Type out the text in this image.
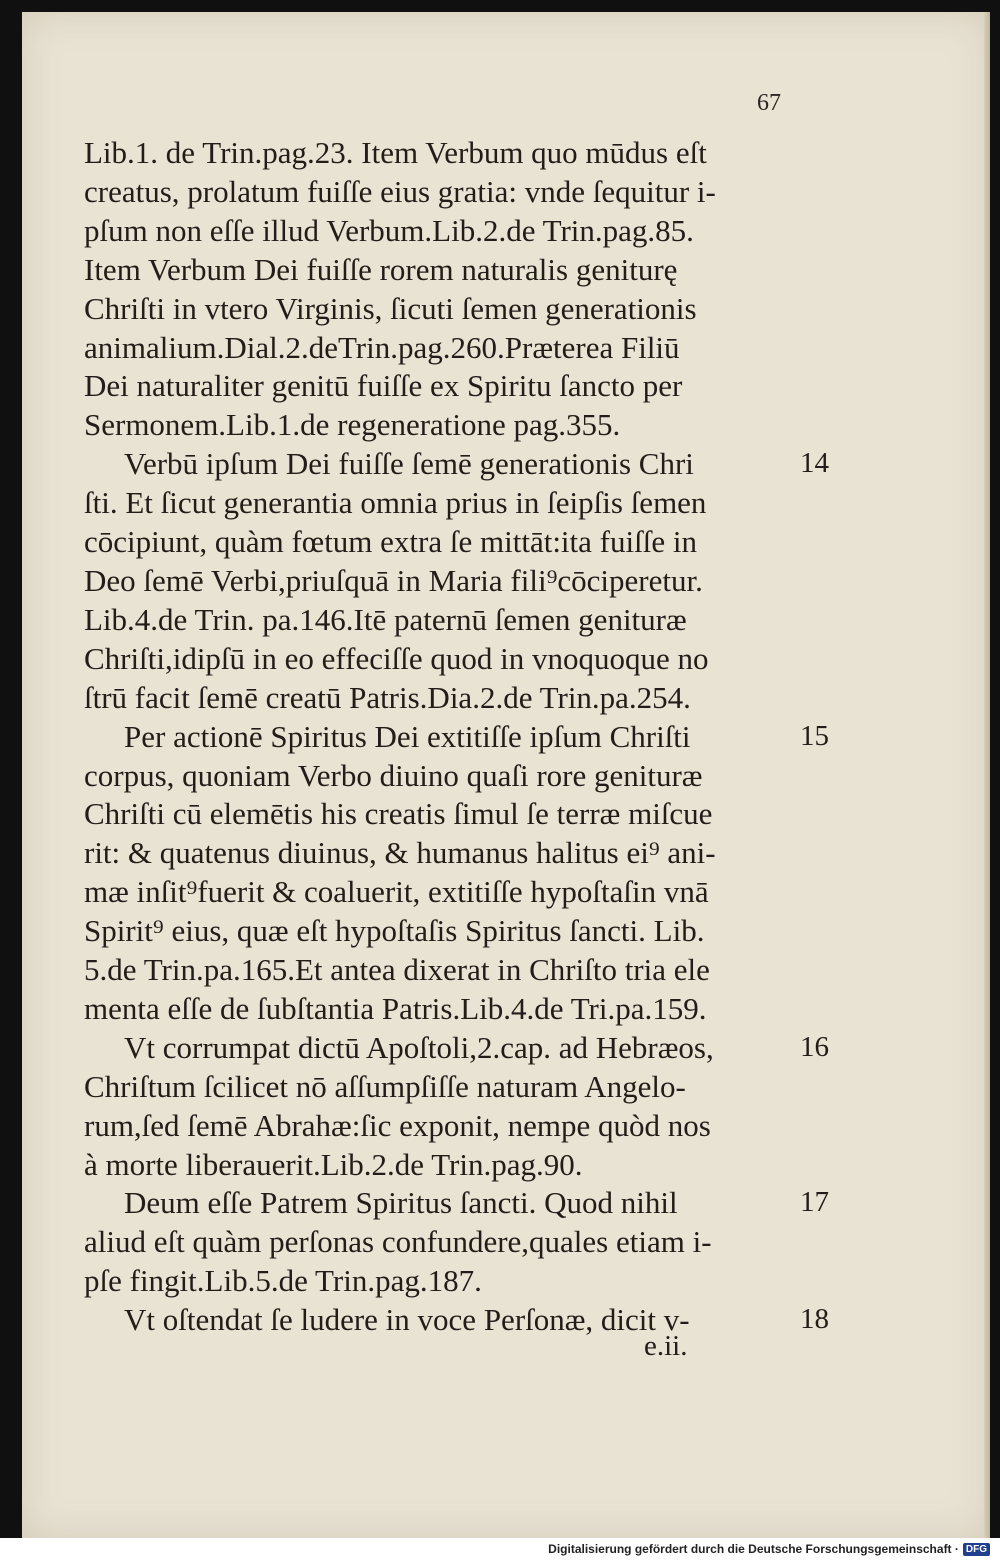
67
Lib.1. de Trin.pag.23. Item Verbum quo mūdus eſt
creatus, prolatum fuiſſe eius gratia: vnde ſequitur i-
pſum non eſſe illud Verbum.Lib.2.de Trin.pag.85.
Item Verbum Dei fuiſſe rorem naturalis geniturę
Chriſti in vtero Virginis, ſicuti ſemen generationis
animalium.Dial.2.deTrin.pag.260.Prӕterea Filiū
Dei naturaliter genitū fuiſſe ex Spiritu ſancto per
Sermonem.Lib.1.de regeneratione pag.355.
Verbū ipſum Dei fuiſſe ſemē generationis Chri
ſti. Et ſicut generantia omnia prius in ſeipſis ſemen
cōcipiunt, quàm fœtum extra ſe mittāt:ita fuiſſe in
Deo ſemē Verbi,priuſquā in Maria fili⁹cōciperetur.
Lib.4.de Trin. pa.146.Itē paternū ſemen geniturӕ
Chriſti,idipſū in eo effeciſſe quod in vnoquoque no
ſtrū facit ſemē creatū Patris.Dia.2.de Trin.pa.254.
Per actionē Spiritus Dei extitiſſe ipſum Chriſti
corpus, quoniam Verbo diuino quaſi rore geniturӕ
Chriſti cū elemētis his creatis ſimul ſe terrӕ miſcue
rit: & quatenus diuinus, & humanus halitus ei⁹ ani-
mӕ inſit⁹fuerit & coaluerit, extitiſſe hypoſtaſin vnā
Spirit⁹ eius, quӕ eſt hypoſtaſis Spiritus ſancti. Lib.
5.de Trin.pa.165.Et antea dixerat in Chriſto tria ele
menta eſſe de ſubſtantia Patris.Lib.4.de Tri.pa.159.
Vt corrumpat dictū Apoſtoli,2.cap. ad Hebrӕos,
Chriſtum ſcilicet nō aſſumpſiſſe naturam Angelo-
rum,ſed ſemē Abrahӕ:ſic exponit, nempe quòd nos
à morte liberauerit.Lib.2.de Trin.pag.90.
Deum eſſe Patrem Spiritus ſancti. Quod nihil
aliud eſt quàm perſonas confundere,quales etiam i-
pſe fingit.Lib.5.de Trin.pag.187.
Vt oſtendat ſe ludere in voce Perſonӕ, dicit v-
14
15
16
17
18
e.ii.
Digitalisierung gefördert durch die Deutsche Forschungsgemeinschaft · DFG
